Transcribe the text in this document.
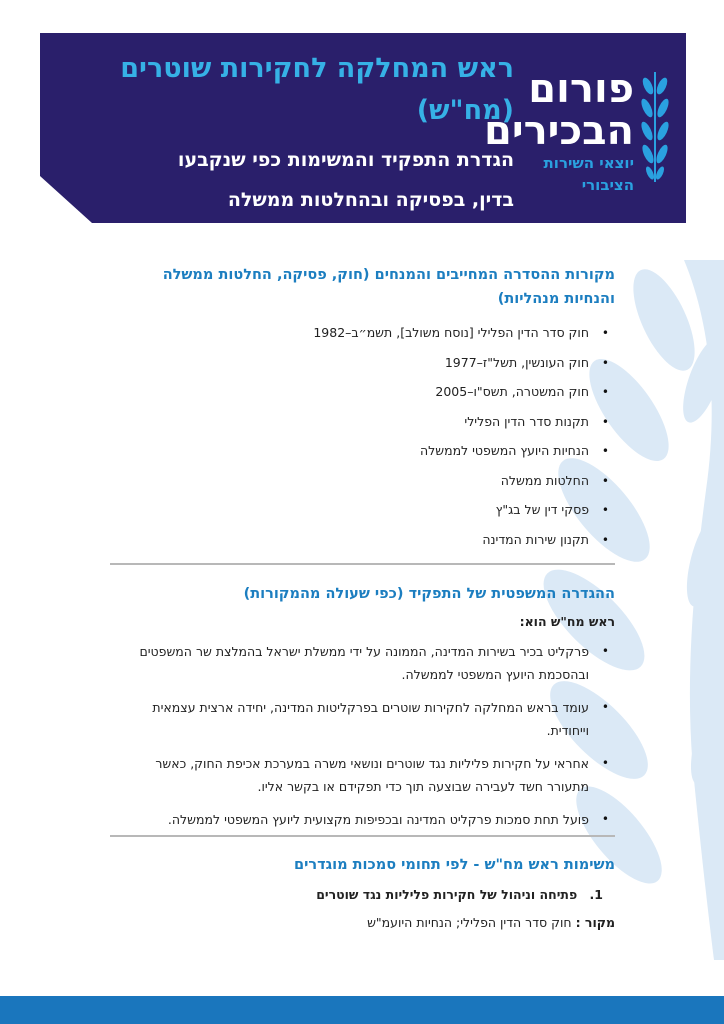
פורום
הבכירים
יוצאי השירות הציבורי
ראש המחלקה לחקירות שוטרים
(מח"ש)
הגדרת התפקיד והמשימות כפי שנקבעו
בדין, בפסיקה ובהחלטות ממשלה
מקורות ההסדרה המחייבים והמנחים (חוק, פסיקה, החלטות ממשלה והנחיות מנהליות)
•
חוק סדר הדין הפלילי [נוסח משולב], תשמ״ב–1982
•
חוק העונשין, תשל"ז–1977
•
חוק המשטרה, תשס"ו–2005
•
תקנות סדר הדין הפלילי
•
הנחיות היועץ המשפטי לממשלה
•
החלטות ממשלה
•
פסקי דין של בג"ץ
•
תקנון שירות המדינה
ההגדרה המשפטית של התפקיד (כפי שעולה מהמקורות)

ראש מח"ש הוא:

•
פרקליט בכיר בשירות המדינה, הממונה על ידי ממשלת ישראל בהמלצת שר המשפטים ובהסכמת היועץ המשפטי לממשלה.
•
עומד בראש המחלקה לחקירות שוטרים בפרקליטות המדינה, יחידה ארצית עצמאית וייחודית.
•
אחראי על חקירות פליליות נגד שוטרים ונושאי משרה במערכת אכיפת החוק, כאשר מתעורר חשד לעבירה שבוצעה תוך כדי תפקידם או בקשר אליו.
•
פועל תחת סמכות פרקליט המדינה ובכפיפות מקצועית ליועץ המשפטי לממשלה.
משימות ראש מח"ש - לפי תחומי סמכות מוגדרים
1. פתיחה וניהול של חקירות פליליות נגד שוטרים
מקור : חוק סדר הדין הפלילי; הנחיות היועמ"ש
